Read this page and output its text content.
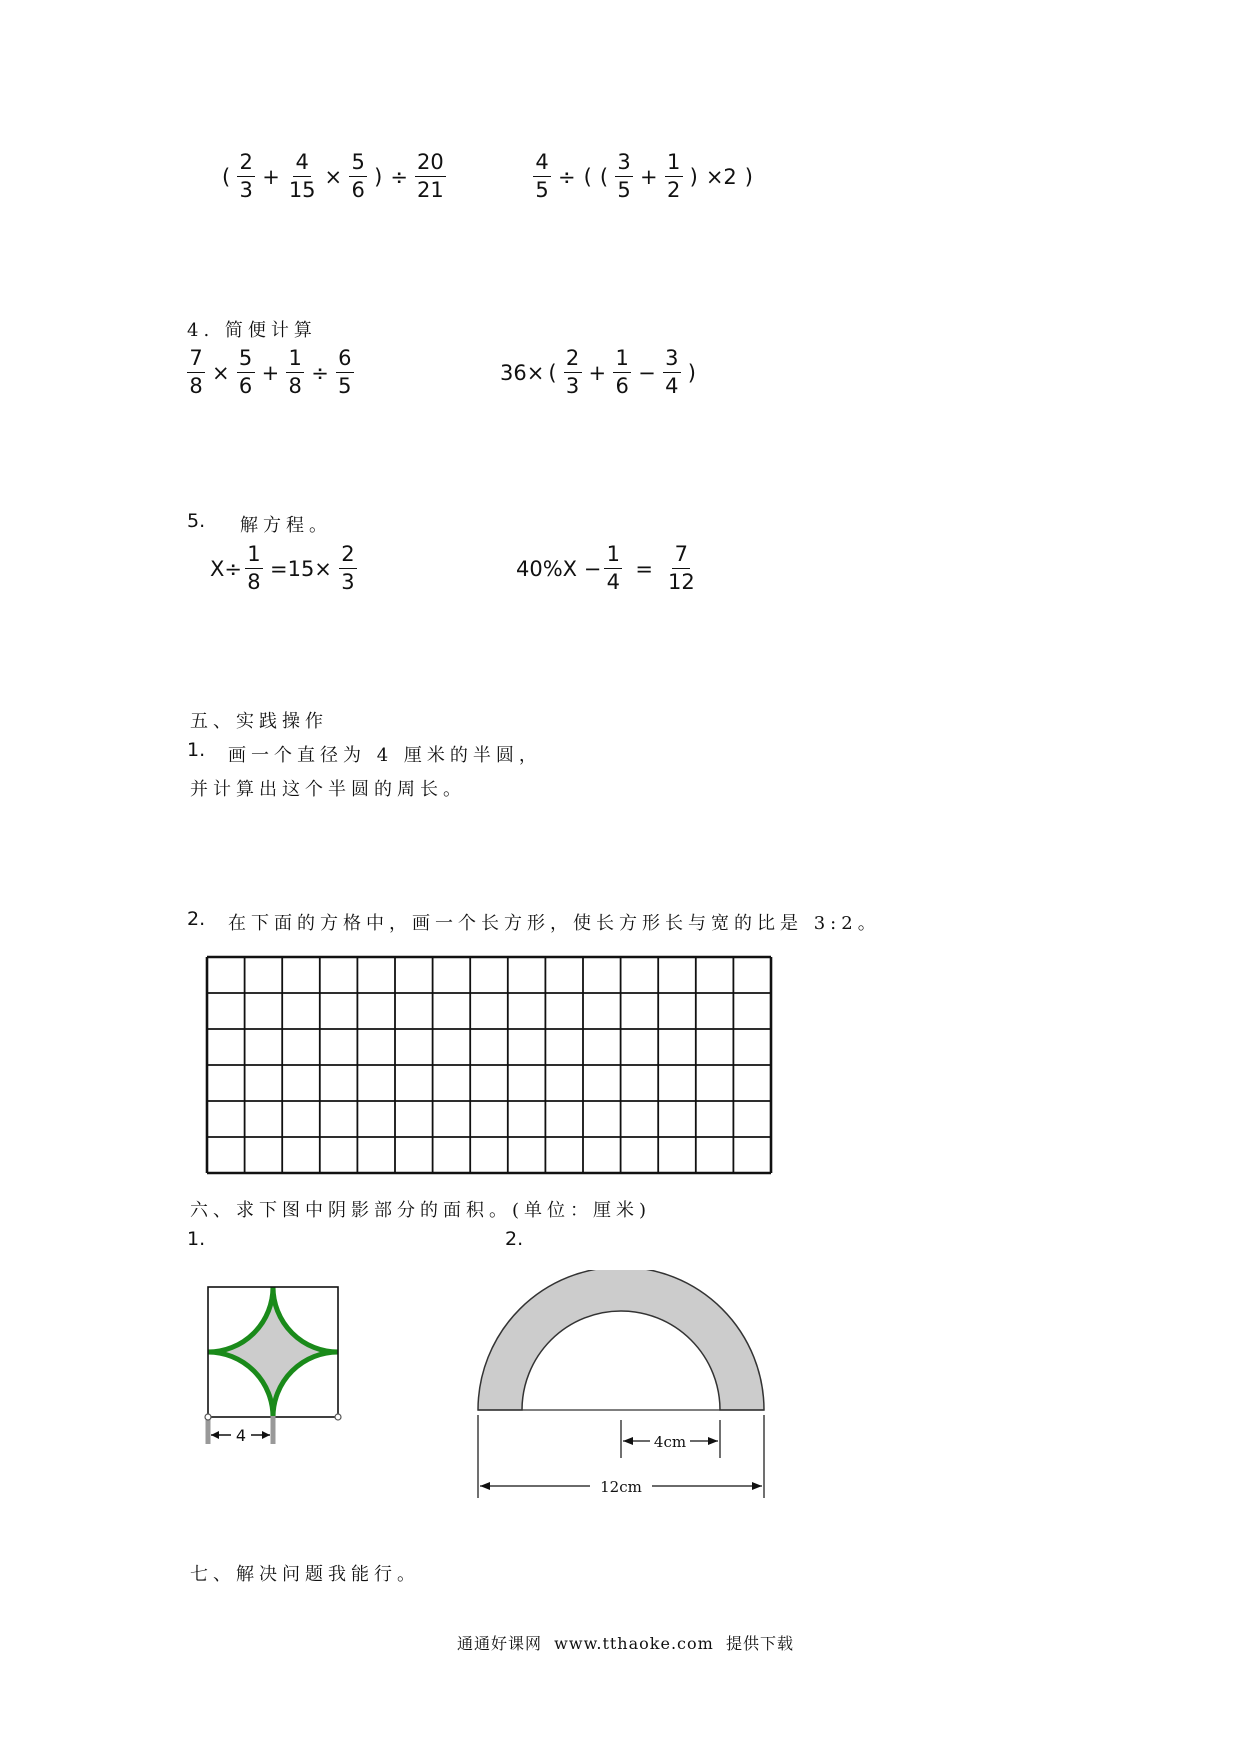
( $\frac{2}{3} + \frac{4}{15} \times \frac{5}{6}$ ) ÷ $\frac{20}{21}$	$\frac{4}{5}$ ÷ ( ( $\frac{3}{5} + \frac{1}{2}$ ) ×2 )
4. 简便计算
$\frac{7}{8} \times \frac{5}{6} + \frac{1}{8} \div \frac{6}{5}$	36× ( $\frac{2}{3} + \frac{1}{6} - \frac{3}{4}$ )
5. 解方程。
$X\div \frac{1}{8} =15\times \frac{2}{3}$	$40\%X - \frac{1}{4} = \frac{7}{12}$
五、实践操作
1. 画一个直径为 4 厘米的半圆，
并计算出这个半圆的周长。
2. 在下面的方格中，画一个长方形，使长方形长与宽的比是 3:2。
六、求下图中阴影部分的面积。(单位：厘米)
1.	2.
4	4cm
12cm
七、解决问题我能行。
通通好课网  www.tthaoke.com  提供下载
